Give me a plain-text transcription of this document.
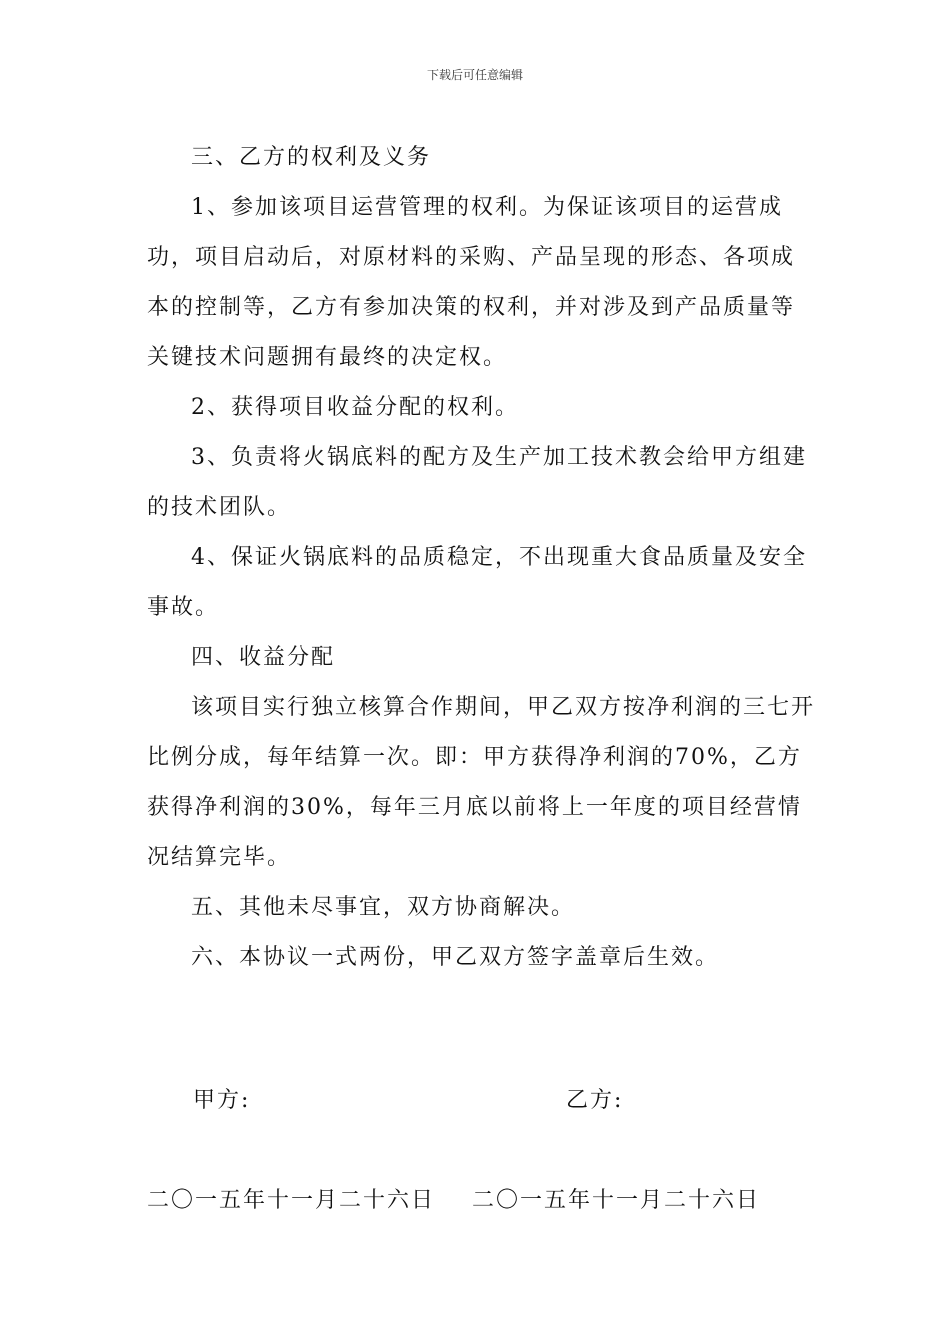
下载后可任意编辑

三、乙方的权利及义务

1、参加该项目运营管理的权利。为保证该项目的运营成功，项目启动后，对原材料的采购、产品呈现的形态、各项成本的控制等，乙方有参加决策的权利，并对涉及到产品质量等关键技术问题拥有最终的决定权。

2、获得项目收益分配的权利。

3、负责将火锅底料的配方及生产加工技术教会给甲方组建的技术团队。

4、保证火锅底料的品质稳定，不出现重大食品质量及安全事故。

四、收益分配

该项目实行独立核算合作期间，甲乙双方按净利润的三七开比例分成，每年结算一次。即：甲方获得净利润的70%，乙方获得净利润的30%，每年三月底以前将上一年度的项目经营情况结算完毕。

五、其他未尽事宜，双方协商解决。

六、本协议一式两份，甲乙双方签字盖章后生效。

甲方:	乙方:
二〇一五年十一月二十六日 二〇一五年十一月二十六日
